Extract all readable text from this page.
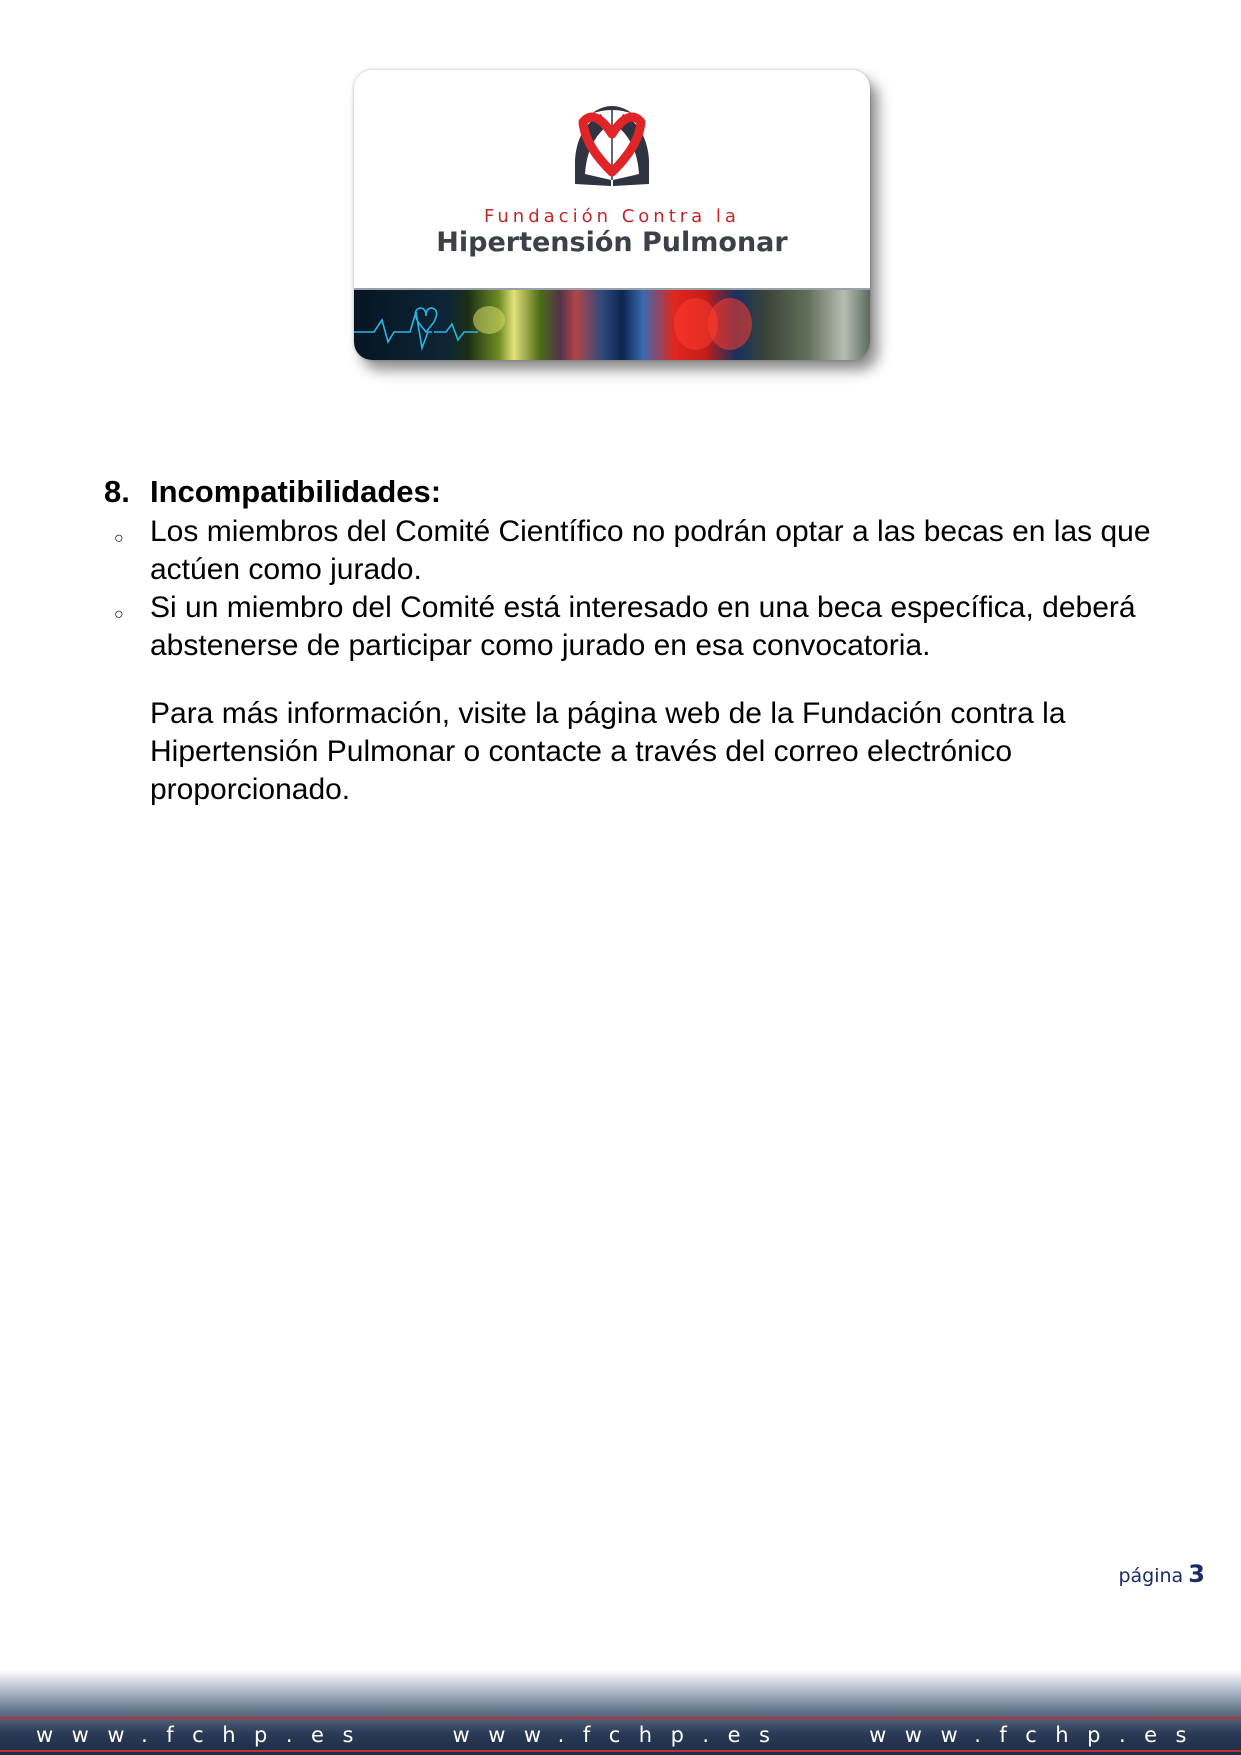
Fundación Contra la
Hipertensión Pulmonar
8. Incompatibilidades:
○ Los miembros del Comité Científico no podrán optar a las becas en las que actúen como jurado.
○ Si un miembro del Comité está interesado en una beca específica, deberá abstenerse de participar como jurado en esa convocatoria.
Para más información, visite la página web de la Fundación contra la Hipertensión Pulmonar o contacte a través del correo electrónico proporcionado.
página 3
www.fchp.es	www.fchp.es	www.fchp.es
